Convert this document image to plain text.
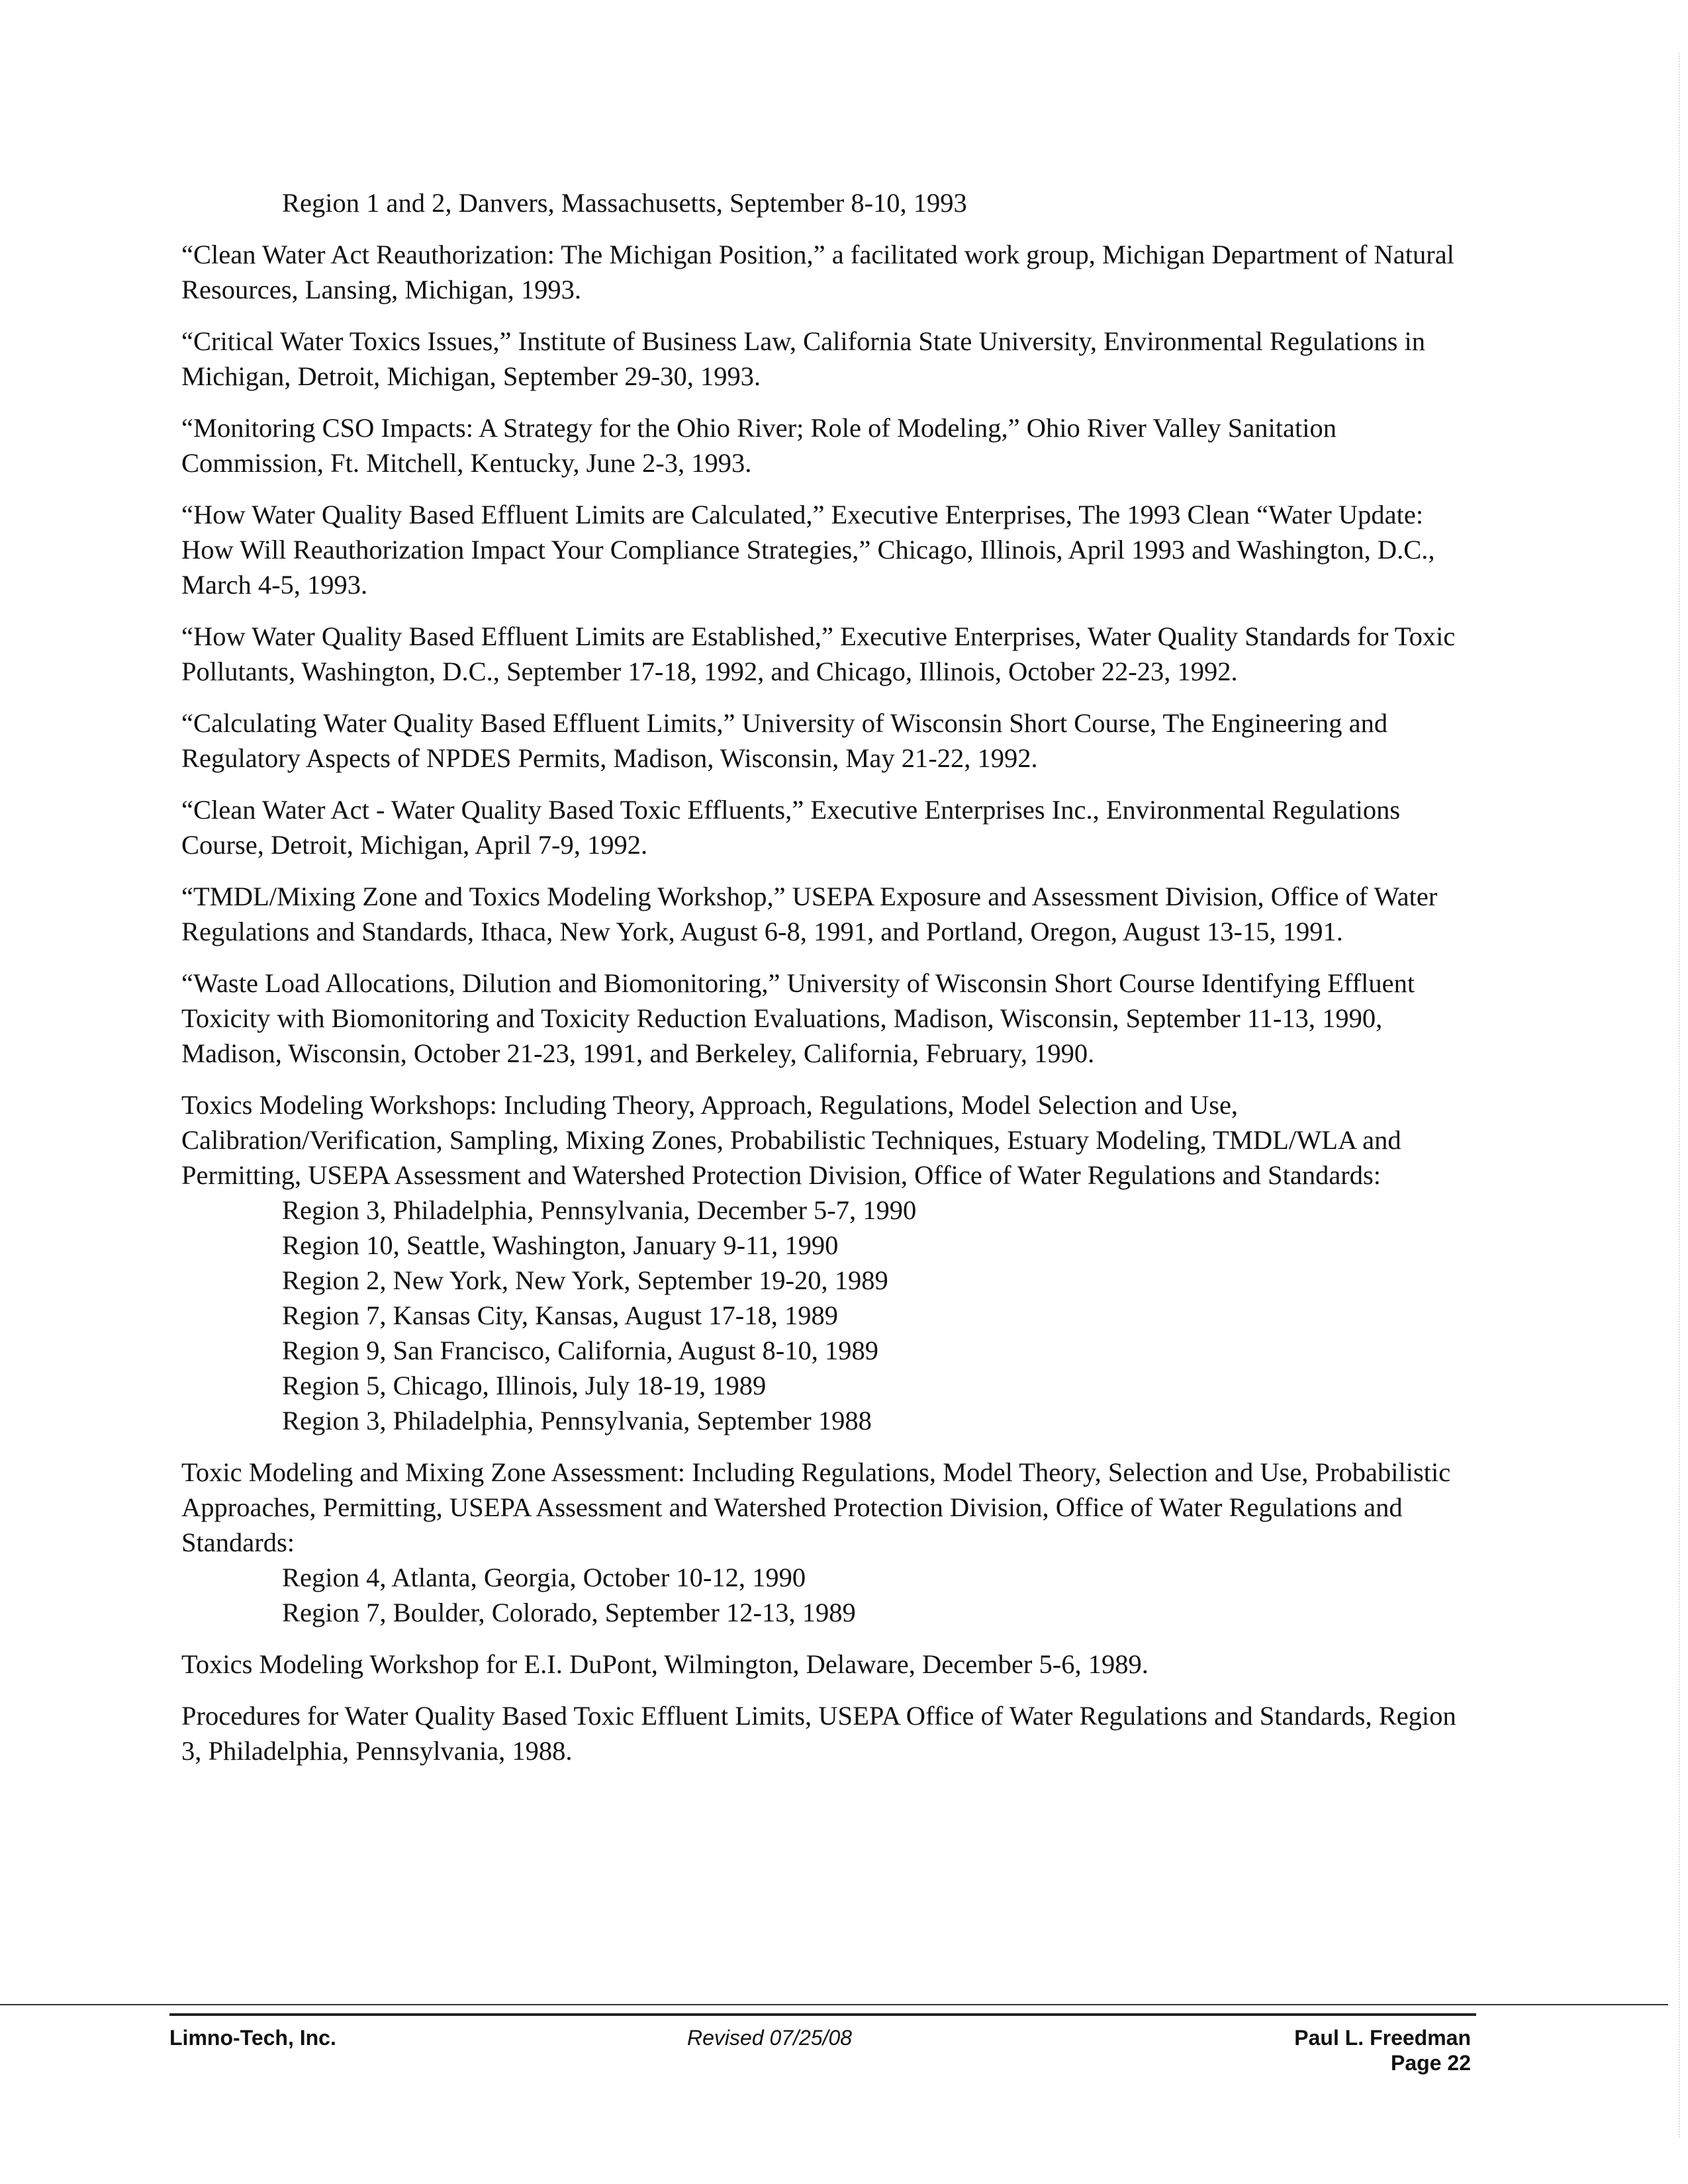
Region 1 and 2, Danvers, Massachusetts, September 8-10, 1993

“Clean Water Act Reauthorization: The Michigan Position,” a facilitated work group, Michigan Department of Natural Resources, Lansing, Michigan, 1993.

“Critical Water Toxics Issues,” Institute of Business Law, California State University, Environmental Regulations in Michigan, Detroit, Michigan, September 29-30, 1993.

“Monitoring CSO Impacts: A Strategy for the Ohio River; Role of Modeling,” Ohio River Valley Sanitation Commission, Ft. Mitchell, Kentucky, June 2-3, 1993.

“How Water Quality Based Effluent Limits are Calculated,” Executive Enterprises, The 1993 Clean “Water Update: How Will Reauthorization Impact Your Compliance Strategies,” Chicago, Illinois, April 1993 and Washington, D.C., March 4-5, 1993.

“How Water Quality Based Effluent Limits are Established,” Executive Enterprises, Water Quality Standards for Toxic Pollutants, Washington, D.C., September 17-18, 1992, and Chicago, Illinois, October 22-23, 1992.

“Calculating Water Quality Based Effluent Limits,” University of Wisconsin Short Course, The Engineering and Regulatory Aspects of NPDES Permits, Madison, Wisconsin, May 21-22, 1992.

“Clean Water Act - Water Quality Based Toxic Effluents,” Executive Enterprises Inc., Environmental Regulations Course, Detroit, Michigan, April 7-9, 1992.

“TMDL/Mixing Zone and Toxics Modeling Workshop,” USEPA Exposure and Assessment Division, Office of Water Regulations and Standards, Ithaca, New York, August 6-8, 1991, and Portland, Oregon, August 13-15, 1991.

“Waste Load Allocations, Dilution and Biomonitoring,” University of Wisconsin Short Course Identifying Effluent Toxicity with Biomonitoring and Toxicity Reduction Evaluations, Madison, Wisconsin, September 11-13, 1990, Madison, Wisconsin, October 21-23, 1991, and Berkeley, California, February, 1990.

Toxics Modeling Workshops: Including Theory, Approach, Regulations, Model Selection and Use, Calibration/Verification, Sampling, Mixing Zones, Probabilistic Techniques, Estuary Modeling, TMDL/WLA and Permitting, USEPA Assessment and Watershed Protection Division, Office of Water Regulations and Standards:
Region 3, Philadelphia, Pennsylvania, December 5-7, 1990
Region 10, Seattle, Washington, January 9-11, 1990
Region 2, New York, New York, September 19-20, 1989
Region 7, Kansas City, Kansas, August 17-18, 1989
Region 9, San Francisco, California, August 8-10, 1989
Region 5, Chicago, Illinois, July 18-19, 1989
Region 3, Philadelphia, Pennsylvania, September 1988
Toxic Modeling and Mixing Zone Assessment: Including Regulations, Model Theory, Selection and Use, Probabilistic Approaches, Permitting, USEPA Assessment and Watershed Protection Division, Office of Water Regulations and Standards:
Region 4, Atlanta, Georgia, October 10-12, 1990
Region 7, Boulder, Colorado, September 12-13, 1989

Toxics Modeling Workshop for E.I. DuPont, Wilmington, Delaware, December 5-6, 1989.

Procedures for Water Quality Based Toxic Effluent Limits, USEPA Office of Water Regulations and Standards, Region 3, Philadelphia, Pennsylvania, 1988.

Limno-Tech, Inc.	Revised 07/25/08	Paul L. Freedman
Page 22
